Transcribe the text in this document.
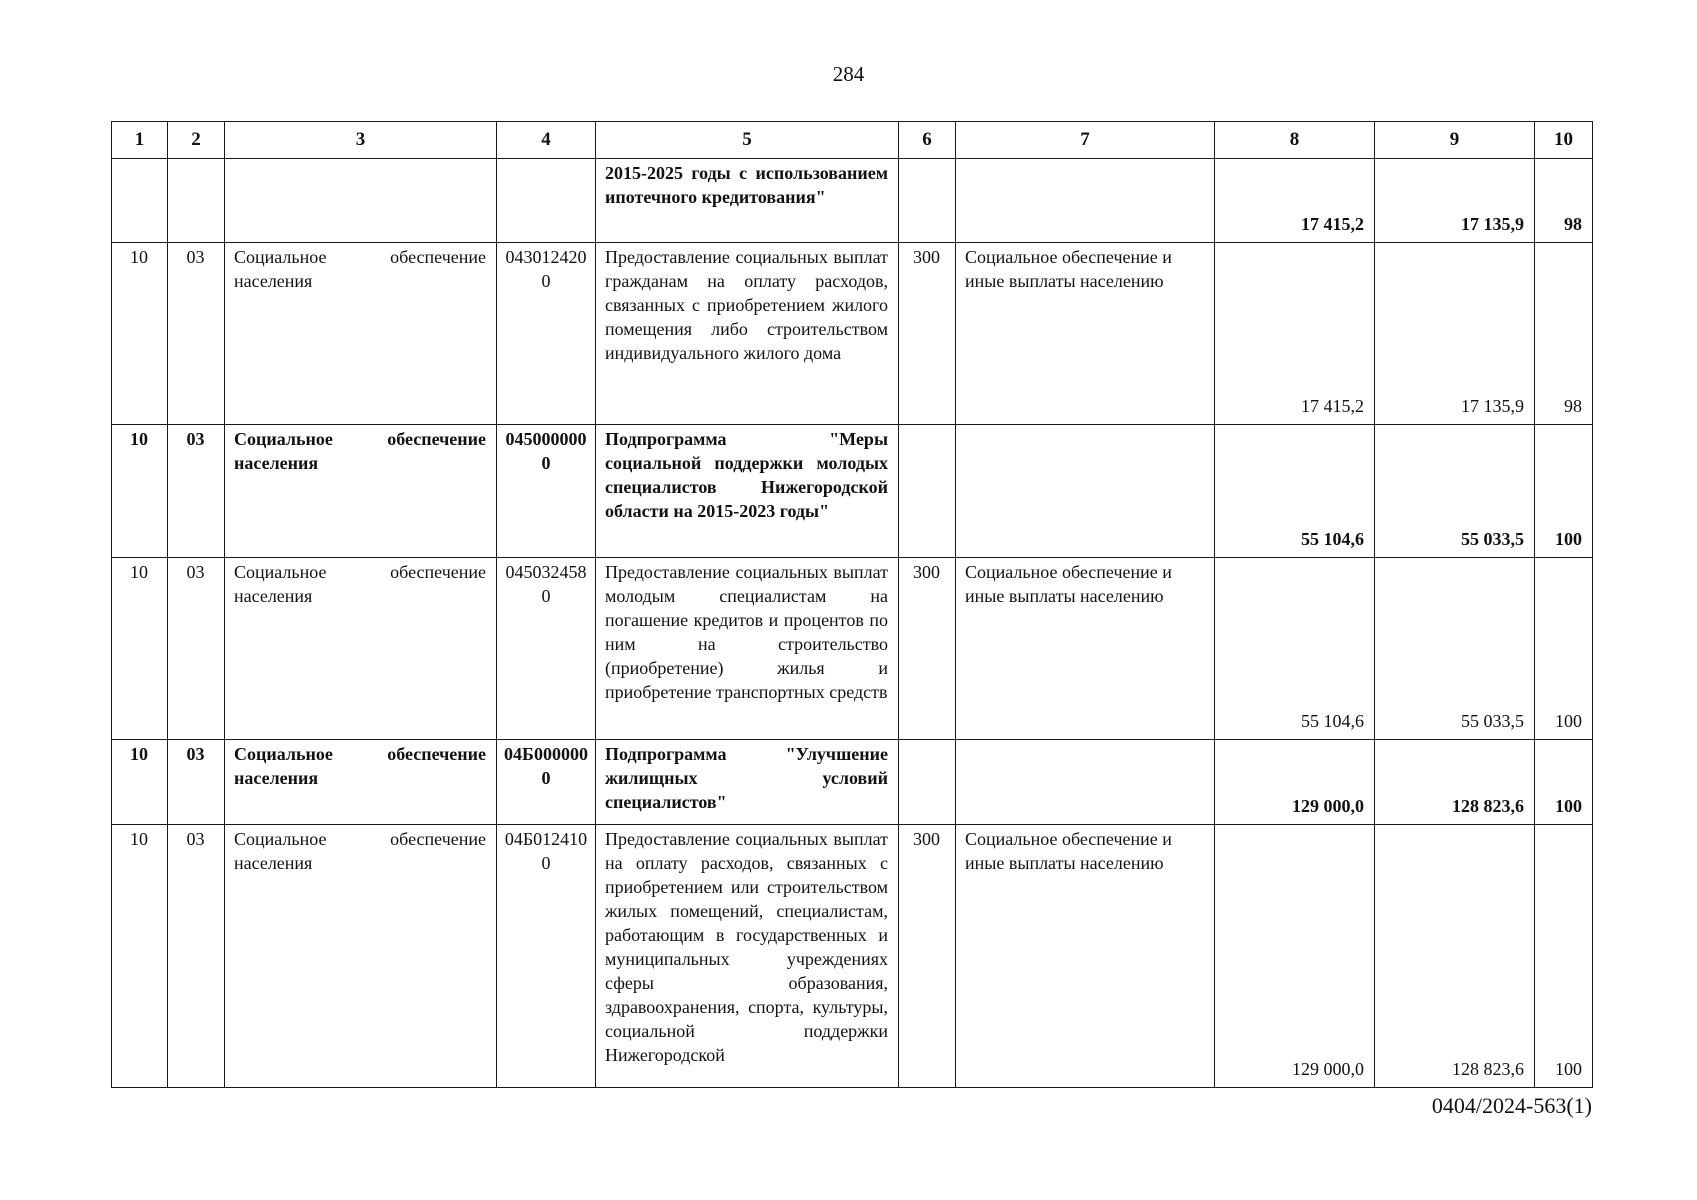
284
1	2	3	4	5	6	7	8	9	10
				2015-2025 годы с использованием ипотечного кредитования"			17 415,2	17 135,9	98
10	03	Социальное обеспечение населения	0430124200	Предоставление социальных выплат гражданам на оплату расходов, связанных с приобретением жилого помещения либо строительством индивидуального жилого дома	300	Социальное обеспечение и иные выплаты населению	17 415,2	17 135,9	98
10	03	Социальное обеспечение населения	0450000000	Подпрограмма "Меры социальной поддержки молодых специалистов Нижегородской области на 2015-2023 годы"			55 104,6	55 033,5	100
10	03	Социальное обеспечение населения	0450324580	Предоставление социальных выплат молодым специалистам на погашение кредитов и процентов по ним на строительство (приобретение) жилья и приобретение транспортных средств	300	Социальное обеспечение и иные выплаты населению	55 104,6	55 033,5	100
10	03	Социальное обеспечение населения	04Б0000000	Подпрограмма "Улучшение жилищных условий специалистов"			129 000,0	128 823,6	100
10	03	Социальное обеспечение населения	04Б0124100	Предоставление социальных выплат на оплату расходов, связанных с приобретением или строительством жилых помещений, специалистам, работающим в государственных и муниципальных учреждениях сферы образования, здравоохранения, спорта, культуры, социальной поддержки Нижегородской	300	Социальное обеспечение и иные выплаты населению	129 000,0	128 823,6	100
0404/2024-563(1)
